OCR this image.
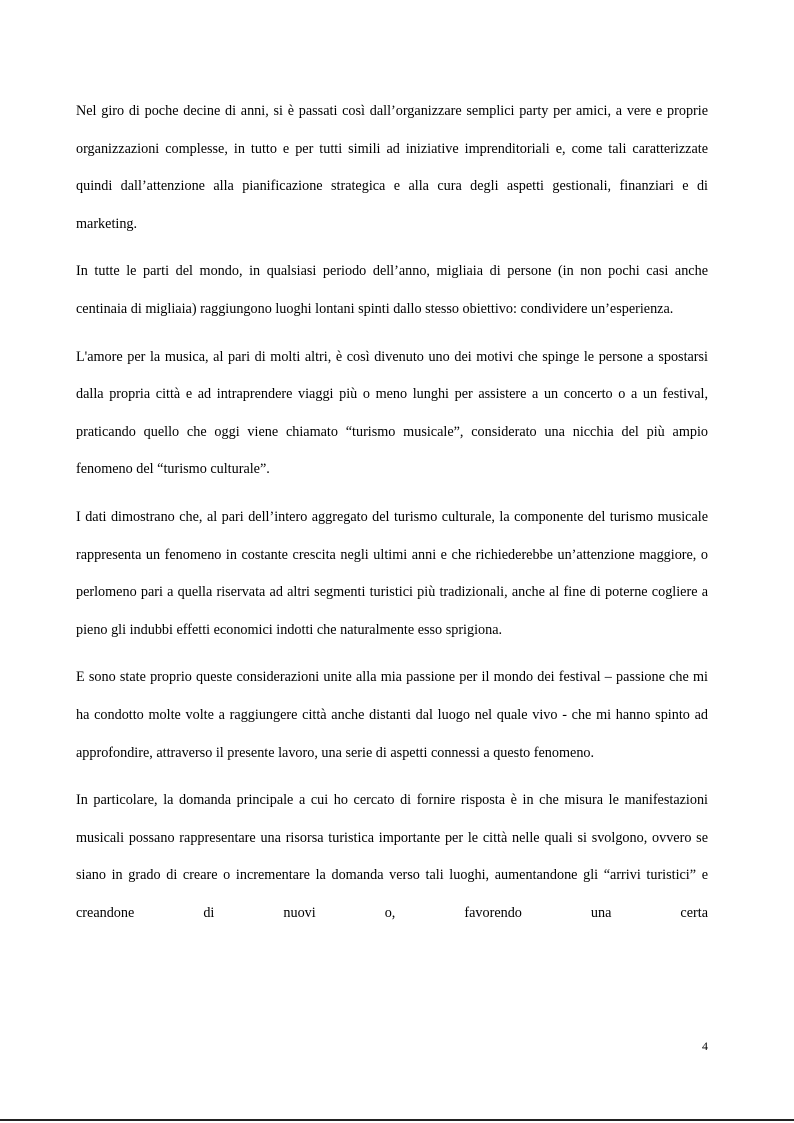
Nel giro di poche decine di anni, si è passati così dall’organizzare semplici party per amici, a vere e proprie organizzazioni complesse, in tutto e per tutti simili ad iniziative imprenditoriali e, come tali caratterizzate quindi dall’attenzione alla pianificazione strategica e alla cura degli aspetti gestionali, finanziari e di marketing.

In tutte le parti del mondo, in qualsiasi periodo dell’anno, migliaia di persone (in non pochi casi anche centinaia di migliaia) raggiungono luoghi lontani spinti dallo stesso obiettivo: condividere un’esperienza.

L'amore per la musica, al pari di molti altri, è così divenuto uno dei motivi che spinge le persone a spostarsi dalla propria città e ad intraprendere viaggi più o meno lunghi per assistere a un concerto o a un festival, praticando quello che oggi viene chiamato “turismo musicale”, considerato una nicchia del più ampio fenomeno del “turismo culturale”.

I dati dimostrano che, al pari dell’intero aggregato del turismo culturale, la componente del turismo musicale rappresenta un fenomeno in costante crescita negli ultimi anni e che richiederebbe un’attenzione maggiore, o perlomeno pari a quella riservata ad altri segmenti turistici più tradizionali, anche al fine di poterne cogliere a pieno gli indubbi effetti economici indotti che naturalmente esso sprigiona.

E sono state proprio queste considerazioni unite alla mia passione per il mondo dei festival – passione che mi ha condotto molte volte a raggiungere città anche distanti dal luogo nel quale vivo - che mi hanno spinto ad approfondire, attraverso il presente lavoro, una serie di aspetti connessi a questo fenomeno.

In particolare, la domanda principale a cui ho cercato di fornire risposta è in che misura le manifestazioni musicali possano rappresentare una risorsa turistica importante per le città nelle quali si svolgono, ovvero se siano in grado di creare o incrementare la domanda verso tali luoghi, aumentandone gli “arrivi turistici” e creandone di nuovi o, favorendo una certa

4
